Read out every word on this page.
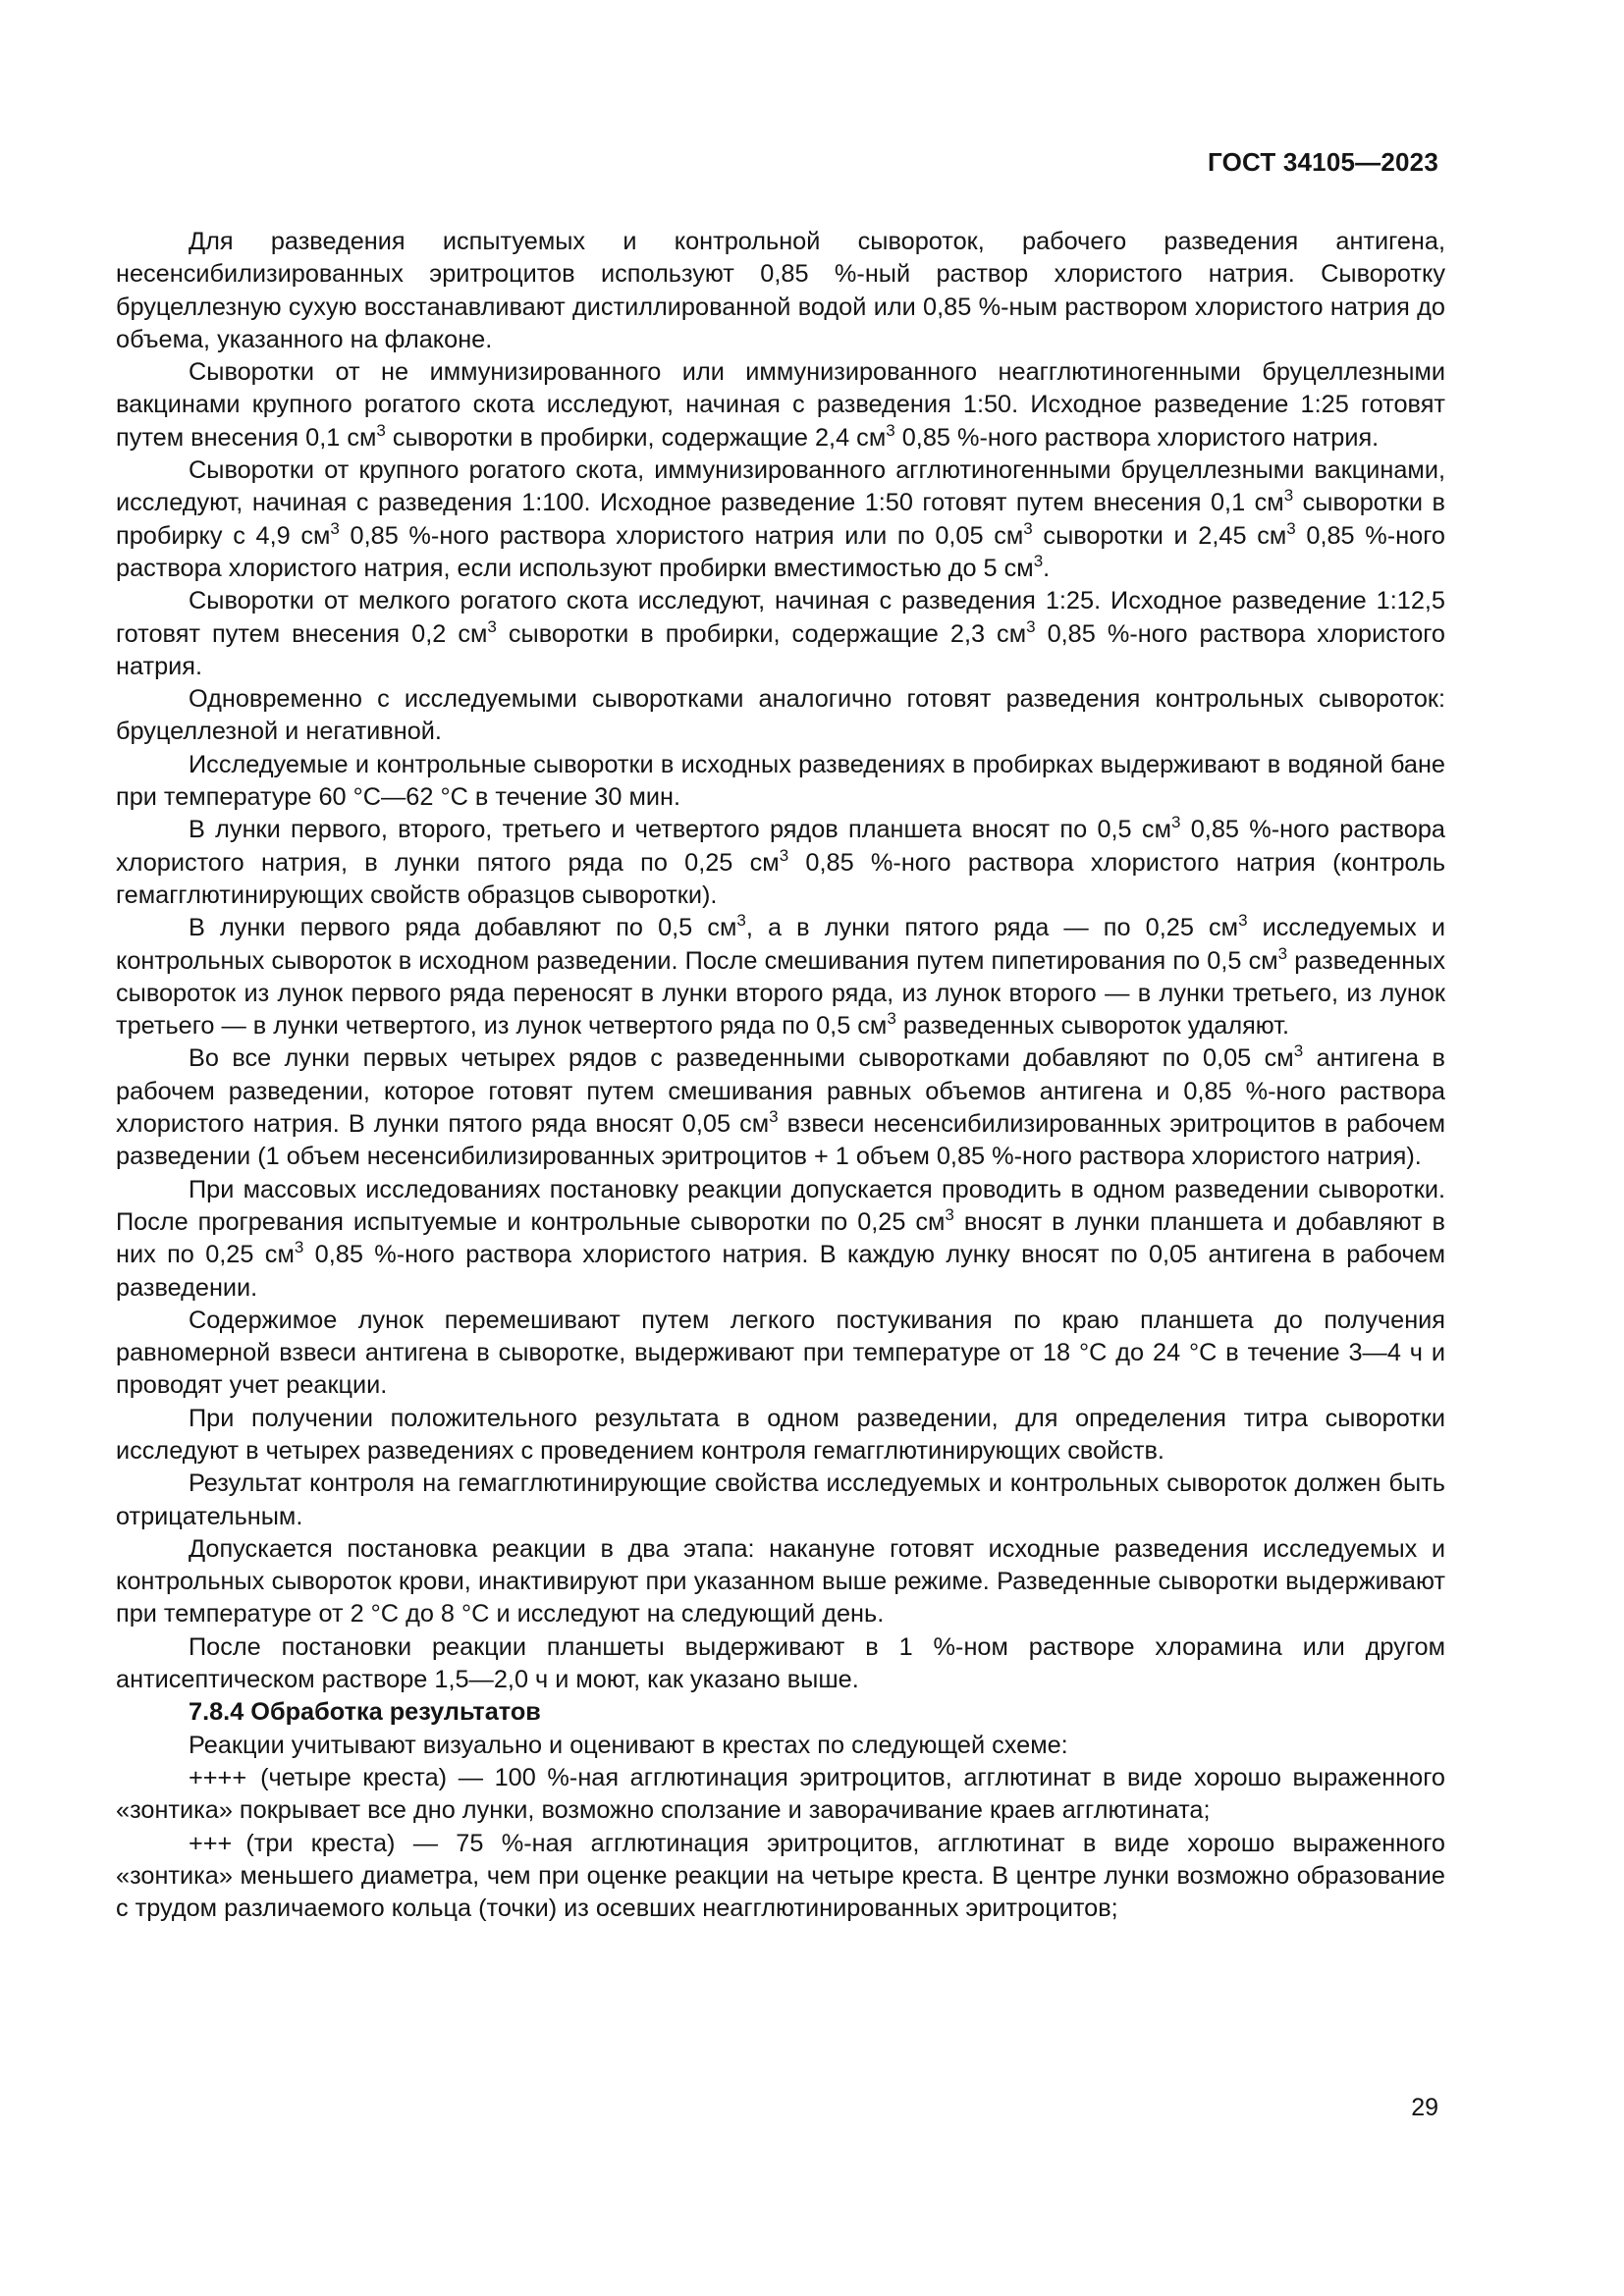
ГОСТ 34105—2023

Для разведения испытуемых и контрольной сывороток, рабочего разведения антигена, несенсибилизированных эритроцитов используют 0,85 %-ный раствор хлористого натрия. Сыворотку бруцеллезную сухую восстанавливают дистиллированной водой или 0,85 %-ным раствором хлористого натрия до объема, указанного на флаконе.

Сыворотки от не иммунизированного или иммунизированного неагглютиногенными бруцеллезными вакцинами крупного рогатого скота исследуют, начиная с разведения 1:50. Исходное разведение 1:25 готовят путем внесения 0,1 $см^3$ сыворотки в пробирки, содержащие 2,4 $см^3$ 0,85 %-ного раствора хлористого натрия.

Сыворотки от крупного рогатого скота, иммунизированного агглютиногенными бруцеллезными вакцинами, исследуют, начиная с разведения 1:100. Исходное разведение 1:50 готовят путем внесения 0,1 $см^3$ сыворотки в пробирку с 4,9 $см^3$ 0,85 %-ного раствора хлористого натрия или по 0,05 $см^3$ сыворотки и 2,45 $см^3$ 0,85 %-ного раствора хлористого натрия, если используют пробирки вместимостью до 5 $см^3$.

Сыворотки от мелкого рогатого скота исследуют, начиная с разведения 1:25. Исходное разведение 1:12,5 готовят путем внесения 0,2 $см^3$ сыворотки в пробирки, содержащие 2,3 $см^3$ 0,85 %-ного раствора хлористого натрия.

Одновременно с исследуемыми сыворотками аналогично готовят разведения контрольных сывороток: бруцеллезной и негативной.

Исследуемые и контрольные сыворотки в исходных разведениях в пробирках выдерживают в водяной бане при температуре 60 °С—62 °С в течение 30 мин.

В лунки первого, второго, третьего и четвертого рядов планшета вносят по 0,5 $см^3$ 0,85 %-ного раствора хлористого натрия, в лунки пятого ряда по 0,25 $см^3$ 0,85 %-ного раствора хлористого натрия (контроль гемагглютинирующих свойств образцов сыворотки).

В лунки первого ряда добавляют по 0,5 $см^3$, а в лунки пятого ряда — по 0,25 $см^3$ исследуемых и контрольных сывороток в исходном разведении. После смешивания путем пипетирования по 0,5 $см^3$ разведенных сывороток из лунок первого ряда переносят в лунки второго ряда, из лунок второго — в лунки третьего, из лунок третьего — в лунки четвертого, из лунок четвертого ряда по 0,5 $см^3$ разведенных сывороток удаляют.

Во все лунки первых четырех рядов с разведенными сыворотками добавляют по 0,05 $см^3$ антигена в рабочем разведении, которое готовят путем смешивания равных объемов антигена и 0,85 %-ного раствора хлористого натрия. В лунки пятого ряда вносят 0,05 $см^3$ взвеси несенсибилизированных эритроцитов в рабочем разведении (1 объем несенсибилизированных эритроцитов + 1 объем 0,85 %-ного раствора хлористого натрия).

При массовых исследованиях постановку реакции допускается проводить в одном разведении сыворотки. После прогревания испытуемые и контрольные сыворотки по 0,25 $см^3$ вносят в лунки планшета и добавляют в них по 0,25 $см^3$ 0,85 %-ного раствора хлористого натрия. В каждую лунку вносят по 0,05 антигена в рабочем разведении.

Содержимое лунок перемешивают путем легкого постукивания по краю планшета до получения равномерной взвеси антигена в сыворотке, выдерживают при температуре от 18 °С до 24 °С в течение 3—4 ч и проводят учет реакции.

При получении положительного результата в одном разведении, для определения титра сыворотки исследуют в четырех разведениях с проведением контроля гемагглютинирующих свойств.

Результат контроля на гемагглютинирующие свойства исследуемых и контрольных сывороток должен быть отрицательным.

Допускается постановка реакции в два этапа: накануне готовят исходные разведения исследуемых и контрольных сывороток крови, инактивируют при указанном выше режиме. Разведенные сыворотки выдерживают при температуре от 2 °С до 8 °С и исследуют на следующий день.

После постановки реакции планшеты выдерживают в 1 %-ном растворе хлорамина или другом антисептическом растворе 1,5—2,0 ч и моют, как указано выше.

7.8.4 Обработка результатов

Реакции учитывают визуально и оценивают в крестах по следующей схеме:

++++ (четыре креста) — 100 %-ная агглютинация эритроцитов, агглютинат в виде хорошо выраженного «зонтика» покрывает все дно лунки, возможно сползание и заворачивание краев агглютината;

+++ (три креста) — 75 %-ная агглютинация эритроцитов, агглютинат в виде хорошо выраженного «зонтика» меньшего диаметра, чем при оценке реакции на четыре креста. В центре лунки возможно образование с трудом различаемого кольца (точки) из осевших неагглютинированных эритроцитов;

29
